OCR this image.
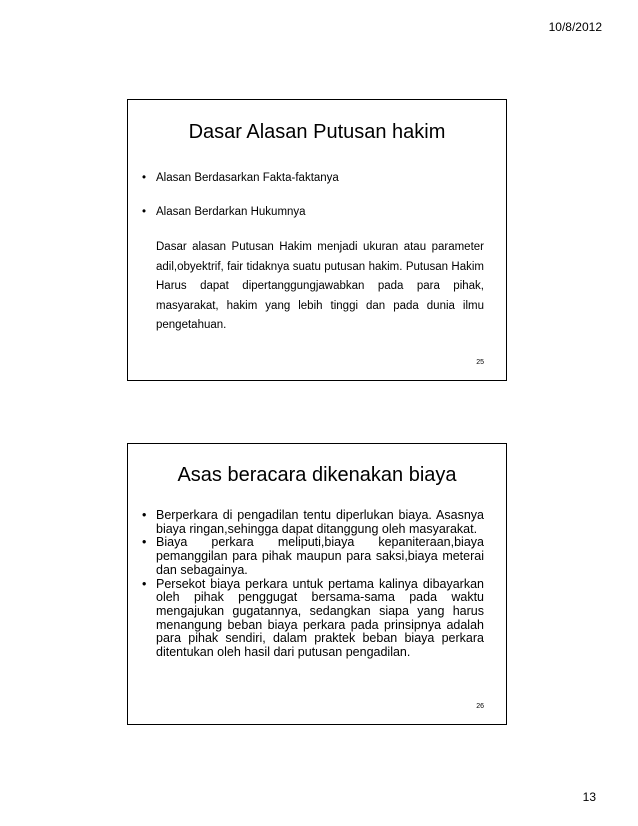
10/8/2012
Dasar Alasan Putusan hakim
• Alasan Berdasarkan Fakta-faktanya
• Alasan Berdarkan Hukumnya
Dasar alasan Putusan Hakim menjadi ukuran atau parameter adil,obyektrif, fair tidaknya suatu putusan hakim. Putusan Hakim Harus dapat dipertanggungjawabkan pada para pihak, masyarakat, hakim yang lebih tinggi dan pada dunia ilmu pengetahuan.
25
Asas beracara dikenakan biaya
• Berperkara di pengadilan tentu diperlukan biaya. Asasnya biaya ringan,sehingga dapat ditanggung oleh masyarakat.
• Biaya perkara meliputi,biaya kepaniteraan,biaya pemanggilan para pihak maupun para saksi,biaya meterai dan sebagainya.
• Persekot biaya perkara untuk pertama kalinya dibayarkan oleh pihak penggugat bersama-sama pada waktu mengajukan gugatannya, sedangkan siapa yang harus menangung beban biaya perkara pada prinsipnya adalah para pihak sendiri, dalam praktek beban biaya perkara ditentukan oleh hasil dari putusan pengadilan.
26
13
